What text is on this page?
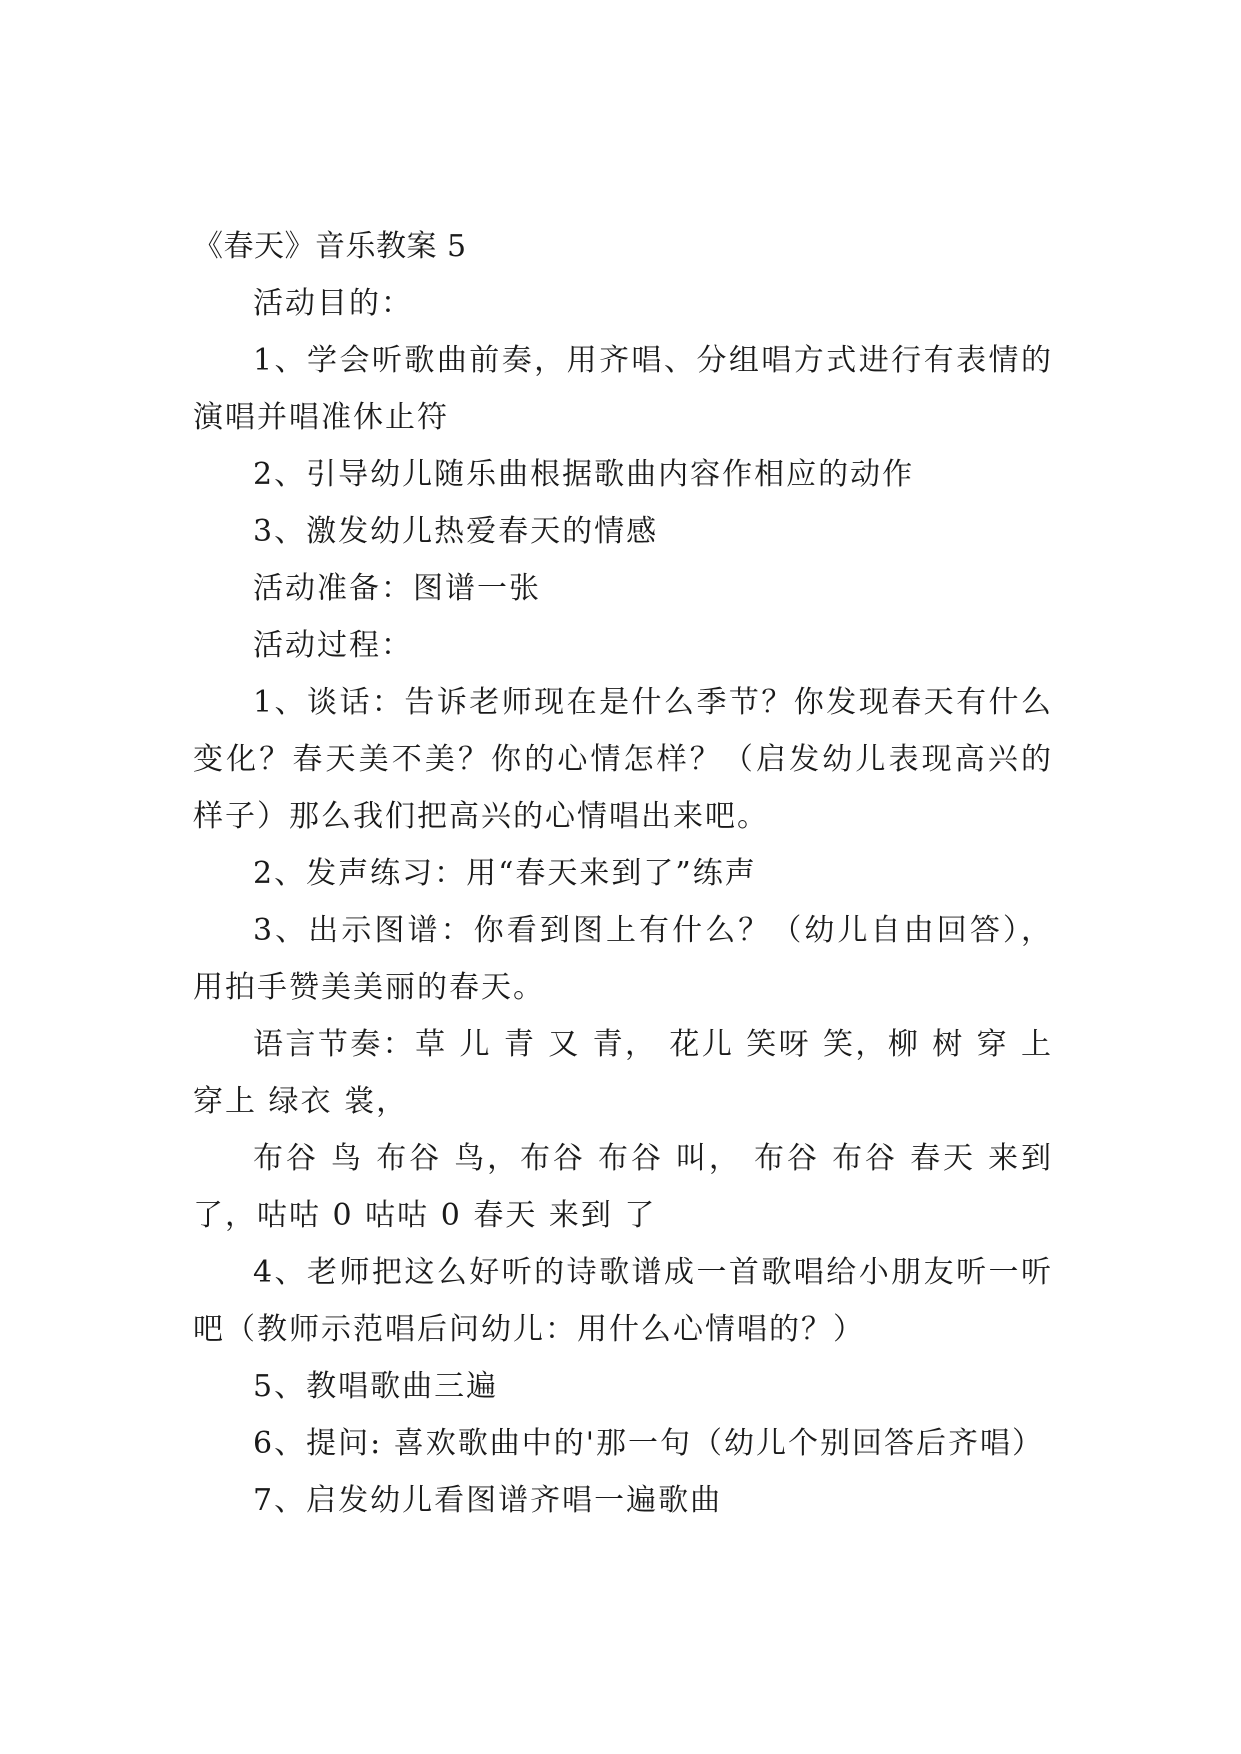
《春天》音乐教案 5

活动目的：

1、学会听歌曲前奏，用齐唱、分组唱方式进行有表情的演唱并唱准休止符

2、引导幼儿随乐曲根据歌曲内容作相应的动作

3、激发幼儿热爱春天的情感

活动准备：图谱一张

活动过程：

1、谈话：告诉老师现在是什么季节？你发现春天有什么变化？春天美不美？你的心情怎样？（启发幼儿表现高兴的样子）那么我们把高兴的心情唱出来吧。

2、发声练习：用“春天来到了”练声

3、出示图谱：你看到图上有什么？（幼儿自由回答），用拍手赞美美丽的春天。

语言节奏：草 儿 青 又 青， 花儿 笑呀 笑，柳 树 穿 上 穿上 绿衣 裳，

布谷 鸟 布谷 鸟，布谷 布谷 叫， 布谷 布谷 春天 来到 了，咕咕 0 咕咕 0 春天 来到 了

4、老师把这么好听的诗歌谱成一首歌唱给小朋友听一听吧（教师示范唱后问幼儿：用什么心情唱的？）

5、教唱歌曲三遍

6、提问: 喜欢歌曲中的'那一句（幼儿个别回答后齐唱）

7、启发幼儿看图谱齐唱一遍歌曲
